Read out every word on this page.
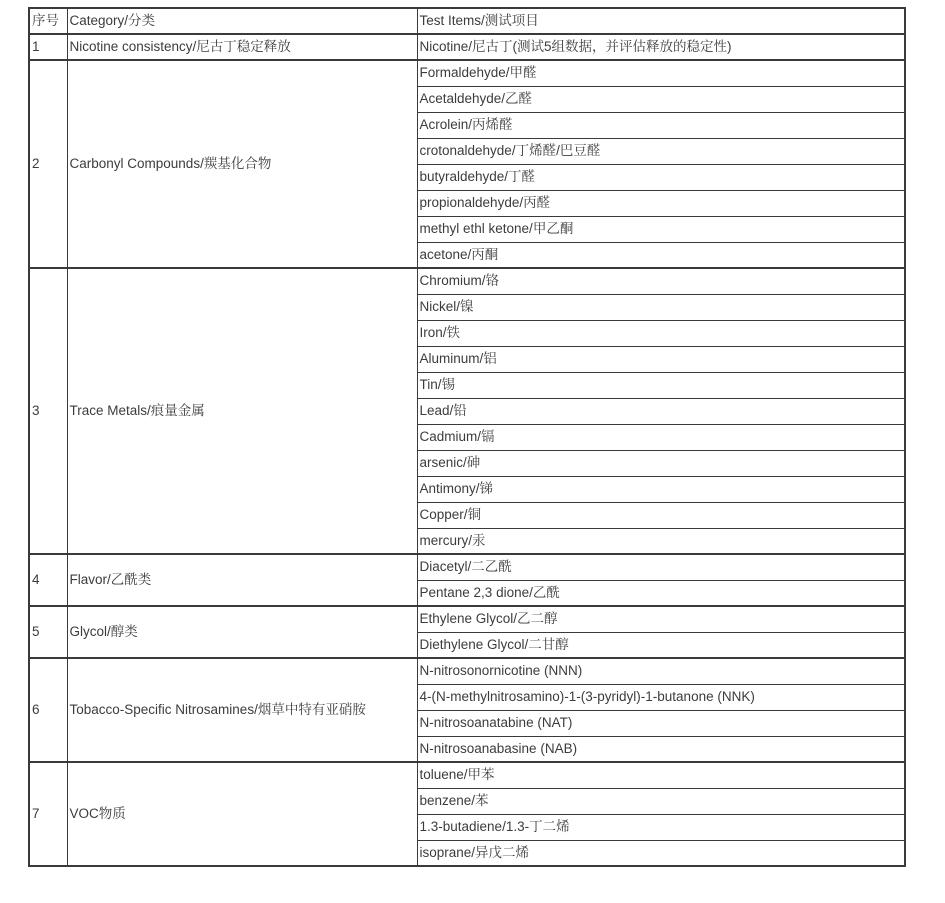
序号	Category/分类	Test Items/测试项目
1	Nicotine consistency/尼古丁稳定释放	Nicotine/尼古丁(测试5组数据，并评估释放的稳定性)
2	Carbonyl Compounds/羰基化合物	Formaldehyde/甲醛
		Acetaldehyde/乙醛
		Acrolein/丙烯醛
		crotonaldehyde/丁烯醛/巴豆醛
		butyraldehyde/丁醛
		propionaldehyde/丙醛
		methyl ethl ketone/甲乙酮
		acetone/丙酮
3	Trace Metals/痕量金属	Chromium/铬
		Nickel/镍
		Iron/铁
		Aluminum/铝
		Tin/锡
		Lead/铅
		Cadmium/镉
		arsenic/砷
		Antimony/锑
		Copper/铜
		mercury/汞
4	Flavor/乙酰类	Diacetyl/二乙酰
		Pentane 2,3 dione/乙酰
5	Glycol/醇类	Ethylene Glycol/乙二醇
		Diethylene Glycol/二甘醇
6	Tobacco-Specific Nitrosamines/烟草中特有亚硝胺	N-nitrosonornicotine (NNN)
		4-(N-methylnitrosamino)-1-(3-pyridyl)-1-butanone (NNK)
		N-nitrosoanatabine (NAT)
		N-nitrosoanabasine (NAB)
7	VOC物质	toluene/甲苯
		benzene/苯
		1.3-butadiene/1.3-丁二烯
		isoprane/异戊二烯
